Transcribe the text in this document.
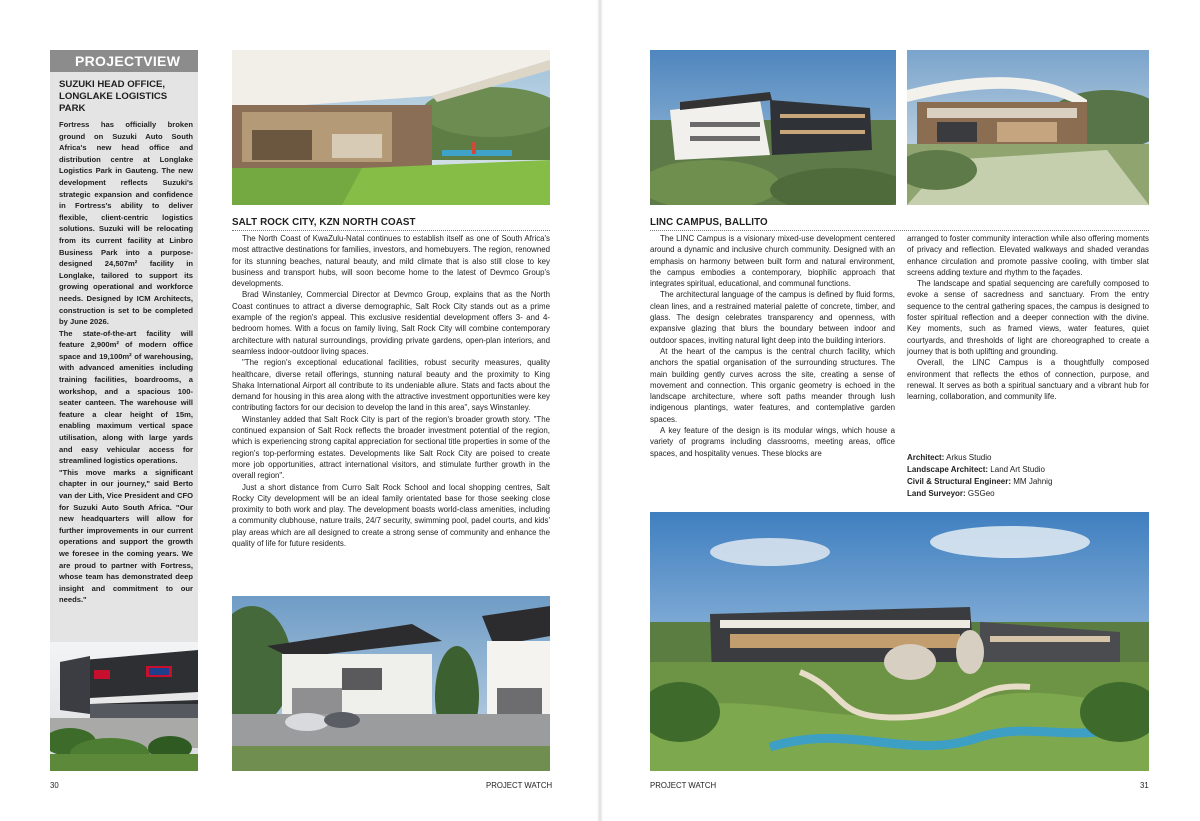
PROJECTVIEW
SUZUKI HEAD OFFICE, LONGLAKE LOGISTICS PARK

Fortress has officially broken ground on Suzuki Auto South Africa's new head office and distribution centre at Longlake Logistics Park in Gauteng. The new development reflects Suzuki's strategic expansion and confidence in Fortress's ability to deliver flexible, client-centric logistics solutions. Suzuki will be relocating from its current facility at Linbro Business Park into a purpose-designed 24,507m² facility in Longlake, tailored to support its growing operational and workforce needs. Designed by ICM Architects, construction is set to be completed by June 2026.

The state-of-the-art facility will feature 2,900m² of modern office space and 19,100m² of warehousing, with advanced amenities including training facilities, boardrooms, a workshop, and a spacious 100-seater canteen. The warehouse will feature a clear height of 15m, enabling maximum vertical space utilisation, along with large yards and easy vehicular access for streamlined logistics operations.

"This move marks a significant chapter in our journey," said Berto van der Lith, Vice President and CFO for Suzuki Auto South Africa. "Our new headquarters will allow for further improvements in our current operations and support the growth we foresee in the coming years. We are proud to partner with Fortress, whose team has demonstrated deep insight and commitment to our needs."

SALT ROCK CITY, KZN NORTH COAST

The North Coast of KwaZulu-Natal continues to establish itself as one of South Africa's most attractive destinations for families, investors, and homebuyers. The region, renowned for its stunning beaches, natural beauty, and mild climate that is also still close to key business and transport hubs, will soon become home to the latest of Devmco Group's developments.

Brad Winstanley, Commercial Director at Devmco Group, explains that as the North Coast continues to attract a diverse demographic, Salt Rock City stands out as a prime example of the region's appeal. This exclusive residential development offers 3- and 4-bedroom homes. With a focus on family living, Salt Rock City will combine contemporary architecture with natural surroundings, providing private gardens, open-plan interiors, and seamless indoor-outdoor living spaces.

"The region's exceptional educational facilities, robust security measures, quality healthcare, diverse retail offerings, stunning natural beauty and the proximity to King Shaka International Airport all contribute to its undeniable allure. Stats and facts about the demand for housing in this area along with the attractive investment opportunities were key contributing factors for our decision to develop the land in this area", says Winstanley.

Winstanley added that Salt Rock City is part of the region's broader growth story. "The continued expansion of Salt Rock reflects the broader investment potential of the region, which is experiencing strong capital appreciation for sectional title properties in some of the region's top-performing estates. Developments like Salt Rock City are poised to create more job opportunities, attract international visitors, and stimulate further growth in the overall region".

Just a short distance from Curro Salt Rock School and local shopping centres, Salt Rocky City development will be an ideal family orientated base for those seeking close proximity to both work and play. The development boasts world-class amenities, including a community clubhouse, nature trails, 24/7 security, swimming pool, padel courts, and kids' play areas which are all designed to create a strong sense of community and enhance the quality of life for future residents.

30	PROJECT WATCH
LINC CAMPUS, BALLITO

The LINC Campus is a visionary mixed-use development centered around a dynamic and inclusive church community. Designed with an emphasis on harmony between built form and natural environment, the campus embodies a contemporary, biophilic approach that integrates spiritual, educational, and communal functions.

The architectural language of the campus is defined by fluid forms, clean lines, and a restrained material palette of concrete, timber, and glass. The design celebrates transparency and openness, with expansive glazing that blurs the boundary between indoor and outdoor spaces, inviting natural light deep into the building interiors.

At the heart of the campus is the central church facility, which anchors the spatial organisation of the surrounding structures. The main building gently curves across the site, creating a sense of movement and connection. This organic geometry is echoed in the landscape architecture, where soft paths meander through lush indigenous plantings, water features, and contemplative garden spaces.

A key feature of the design is its modular wings, which house a variety of programs including classrooms, meeting areas, office spaces, and hospitality venues. These blocks are

arranged to foster community interaction while also offering moments of privacy and reflection. Elevated walkways and shaded verandas enhance circulation and promote passive cooling, with timber slat screens adding texture and rhythm to the façades.

The landscape and spatial sequencing are carefully composed to evoke a sense of sacredness and sanctuary. From the entry sequence to the central gathering spaces, the campus is designed to foster spiritual reflection and a deeper connection with the divine. Key moments, such as framed views, water features, quiet courtyards, and thresholds of light are choreographed to create a journey that is both uplifting and grounding.

Overall, the LINC Campus is a thoughtfully composed environment that reflects the ethos of connection, purpose, and renewal. It serves as both a spiritual sanctuary and a vibrant hub for learning, collaboration, and community life.

Architect: Arkus Studio
Landscape Architect: Land Art Studio
Civil & Structural Engineer: MM Jahnig
Land Surveyor: GSGeo
PROJECT WATCH	31
